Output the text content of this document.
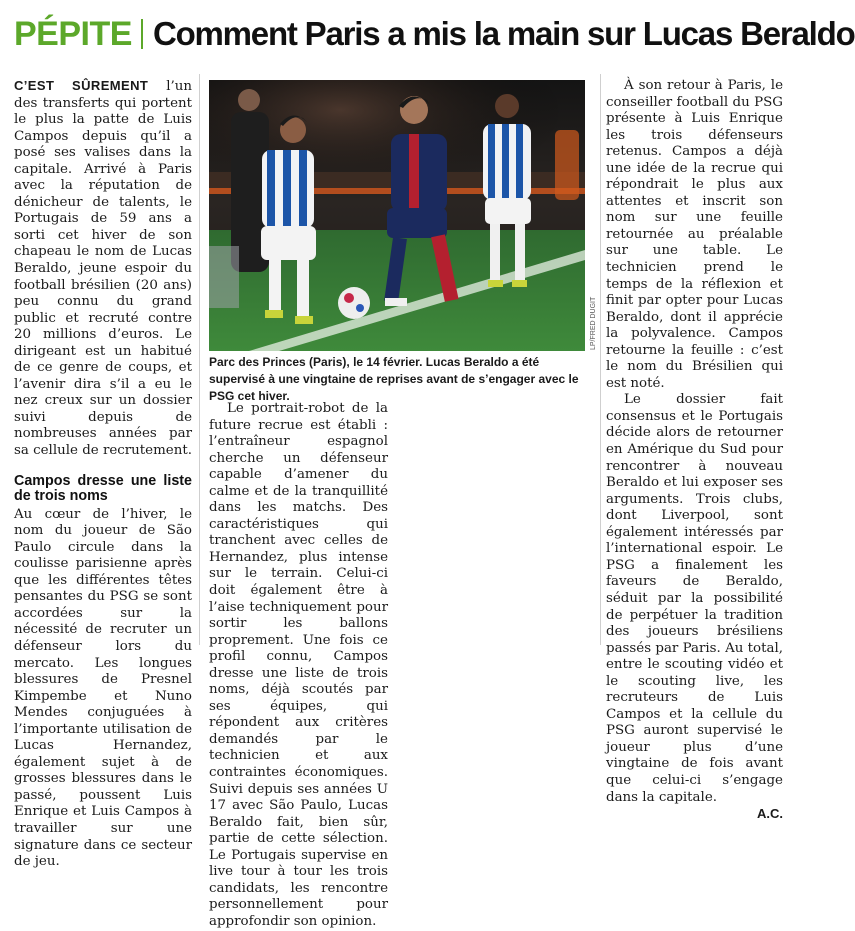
PÉPITE Comment Paris a mis la main sur Lucas Beraldo

C’EST SÛREMENT l’un des transferts qui portent le plus la patte de Luis Campos depuis qu’il a posé ses valises dans la capitale. Arrivé à Paris avec la réputation de dénicheur de talents, le Portugais de 59 ans a sorti cet hiver de son chapeau le nom de Lucas Beraldo, jeune espoir du football brésilien (20 ans) peu connu du grand public et recruté contre 20 millions d’euros. Le dirigeant est un habitué de ce genre de coups, et l’avenir dira s’il a eu le nez creux sur un dossier suivi depuis de nombreuses années par sa cellule de recrutement.

Campos dresse une liste de trois noms

Au cœur de l’hiver, le nom du joueur de São Paulo circule dans la coulisse parisienne après que les différentes têtes pensantes du PSG se sont accordées sur la nécessité de recruter un défenseur lors du mercato. Les longues blessures de Presnel Kimpembe et Nuno Mendes conjuguées à l’importante utilisation de Lucas Hernandez, également sujet à de grosses blessures dans le passé, poussent Luis Enrique et Luis Campos à travailler sur une signature dans ce secteur de jeu.

LP/FRED DUGIT
Parc des Princes (Paris), le 14 février. Lucas Beraldo a été supervisé à une vingtaine de reprises avant de s’engager avec le PSG cet hiver.

Le portrait-robot de la future recrue est établi : l’entraîneur espagnol cherche un défenseur capable d’amener du calme et de la tranquillité dans les matchs. Des caractéristiques qui tranchent avec celles de Hernandez, plus intense sur le terrain. Celui-ci doit également être à l’aise techniquement pour sortir les ballons proprement. Une fois ce profil connu, Campos dresse une liste de trois noms, déjà scoutés par ses équipes, qui répondent aux critères demandés par le technicien et aux contraintes économiques. Suivi depuis ses années U 17 avec São Paulo, Lucas Beraldo fait, bien sûr, partie de cette sélection. Le Portugais supervise en live tour à tour les trois candidats, les rencontre personnellement pour approfondir son opinion.

À son retour à Paris, le conseiller football du PSG présente à Luis Enrique les trois défenseurs retenus. Campos a déjà une idée de la recrue qui répondrait le plus aux attentes et inscrit son nom sur une feuille retournée au préalable sur une table. Le technicien prend le temps de la réflexion et finit par opter pour Lucas Beraldo, dont il apprécie la polyvalence. Campos retourne la feuille : c’est le nom du Brésilien qui est noté.

Le dossier fait consensus et le Portugais décide alors de retourner en Amérique du Sud pour rencontrer à nouveau Beraldo et lui exposer ses arguments. Trois clubs, dont Liverpool, sont également intéressés par l’international espoir. Le PSG a finalement les faveurs de Beraldo, séduit par la possibilité de perpétuer la tradition des joueurs brésiliens passés par Paris. Au total, entre le scouting vidéo et le scouting live, les recruteurs de Luis Campos et la cellule du PSG auront supervisé le joueur plus d’une vingtaine de fois avant que celui-ci s’engage dans la capitale.

A.C.
